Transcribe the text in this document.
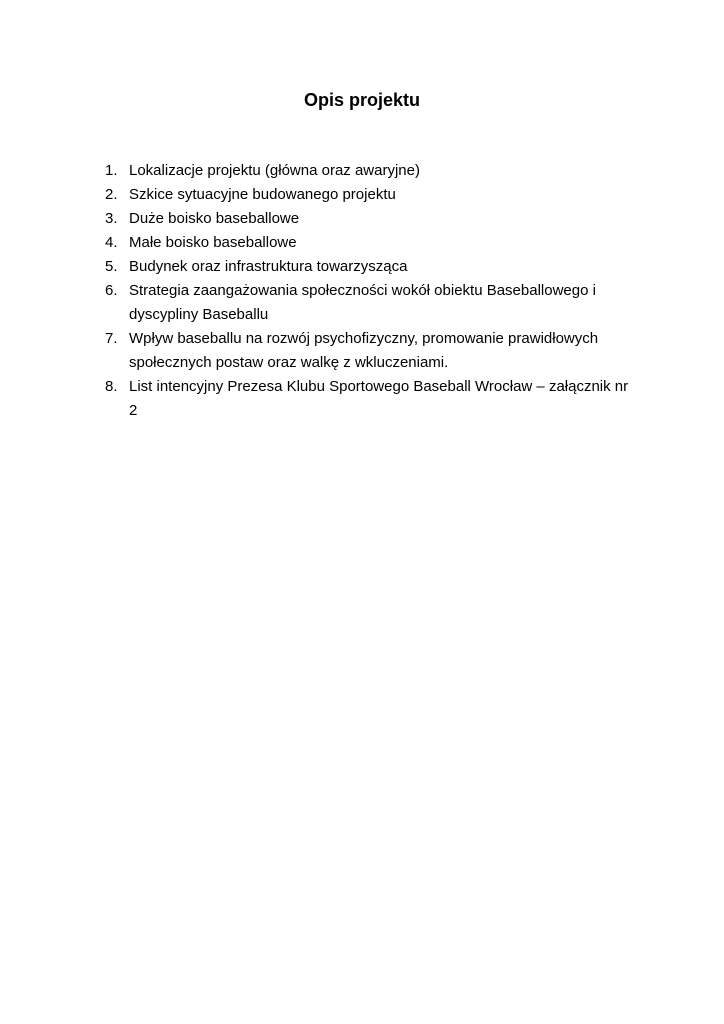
Opis projektu
1. Lokalizacje projektu (główna oraz awaryjne)
2. Szkice sytuacyjne budowanego projektu
3. Duże boisko baseballowe
4. Małe boisko baseballowe
5. Budynek oraz infrastruktura towarzysząca
6. Strategia zaangażowania społeczności wokół obiektu Baseballowego i dyscypliny Baseballu
7. Wpływ baseballu na rozwój psychofizyczny, promowanie prawidłowych społecznych postaw oraz walkę z wkluczeniami.
8. List intencyjny Prezesa Klubu Sportowego Baseball Wrocław – załącznik nr 2
